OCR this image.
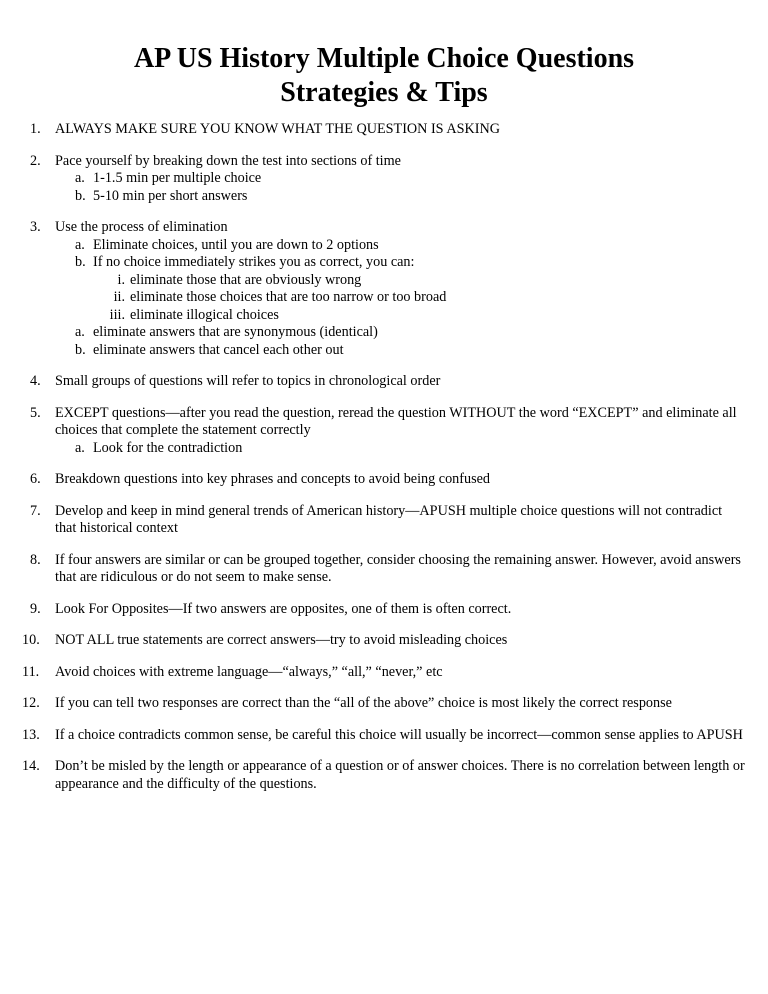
AP US History Multiple Choice Questions
Strategies & Tips
1. ALWAYS MAKE SURE YOU KNOW WHAT THE QUESTION IS ASKING
2. Pace yourself by breaking down the test into sections of time
a. 1-1.5 min per multiple choice
b. 5-10 min per short answers
3. Use the process of elimination
a. Eliminate choices, until you are down to 2 options
b. If no choice immediately strikes you as correct, you can:
i. eliminate those that are obviously wrong
ii. eliminate those choices that are too narrow or too broad
iii. eliminate illogical choices
a. eliminate answers that are synonymous (identical)
b. eliminate answers that cancel each other out
4. Small groups of questions will refer to topics in chronological order
5. EXCEPT questions—after you read the question, reread the question WITHOUT the word “EXCEPT” and eliminate all choices that complete the statement correctly
a. Look for the contradiction
6. Breakdown questions into key phrases and concepts to avoid being confused
7. Develop and keep in mind general trends of American history—APUSH multiple choice questions will not contradict that historical context
8. If four answers are similar or can be grouped together, consider choosing the remaining answer. However, avoid answers that are ridiculous or do not seem to make sense.
9. Look For Opposites—If two answers are opposites, one of them is often correct.
10. NOT ALL true statements are correct answers—try to avoid misleading choices
11. Avoid choices with extreme language—“always,” “all,” “never,” etc
12. If you can tell two responses are correct than the “all of the above” choice is most likely the correct response
13. If a choice contradicts common sense, be careful this choice will usually be incorrect—common sense applies to APUSH
14. Don’t be misled by the length or appearance of a question or of answer choices. There is no correlation between length or appearance and the difficulty of the questions.
